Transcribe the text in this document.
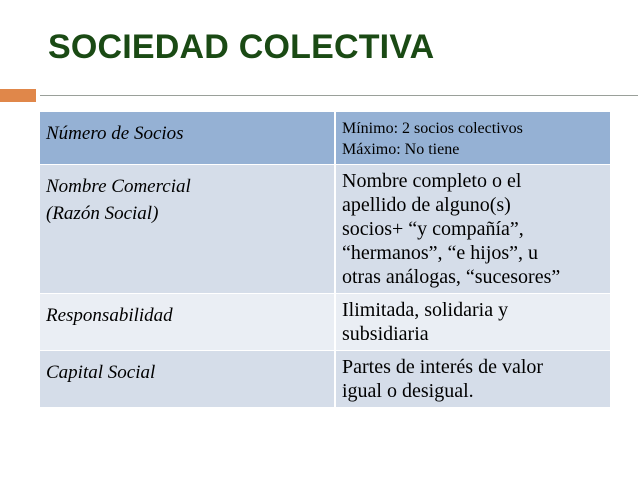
SOCIEDAD COLECTIVA
Número de Socios	Mínimo: 2 socios colectivos
Máximo: No tiene

Nombre Comercial
(Razón Social)	Nombre completo o el
apellido de alguno(s)
socios+ “y compañía”,
“hermanos”, “e hijos”, u
otras análogas, “sucesores”

Responsabilidad	Ilimitada, solidaria y
subsidiaria

Capital Social	Partes de interés de valor
igual o desigual.
